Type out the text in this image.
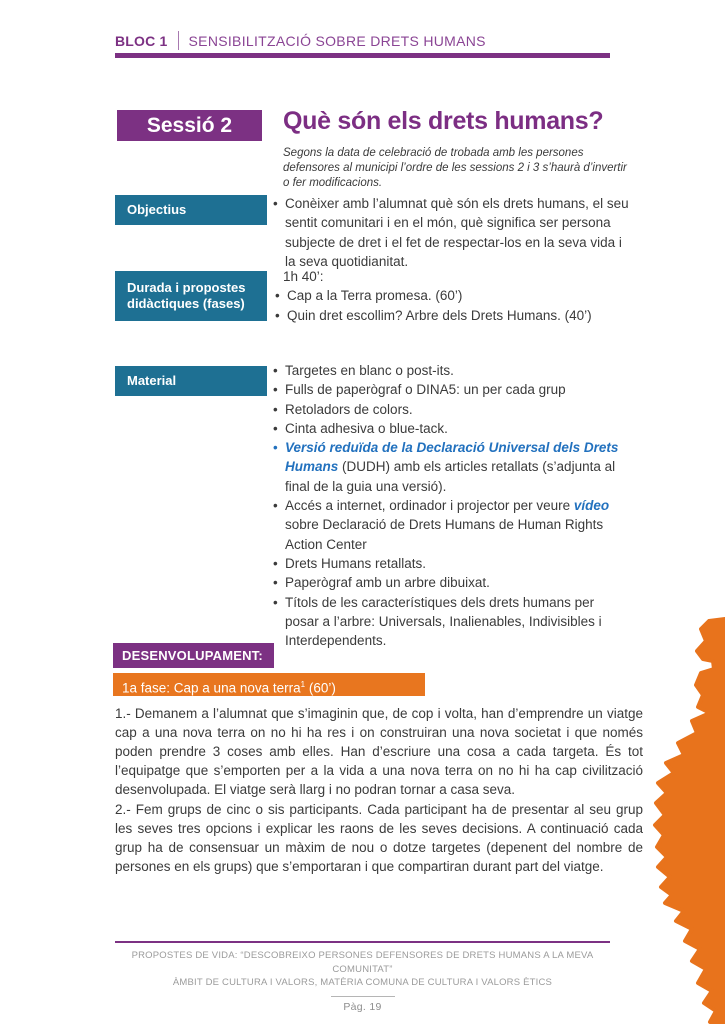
BLOC 1 SENSIBILITZACIÓ SOBRE DRETS HUMANS
Sessió 2 Què són els drets humans?
Segons la data de celebració de trobada amb les persones defensores al municipi l’ordre de les sessions 2 i 3 s’haurà d’invertir o fer modificacions.
Objectius	• Conèixer amb l’alumnat què són els drets humans, el seu sentit comunitari i en el món, què significa ser persona subjecte de dret i el fet de respectar-los en la seva vida i la seva quotidianitat.
Durada i propostes didàctiques (fases)
1h 40’:
• Cap a la Terra promesa. (60’)
• Quin dret escollim? Arbre dels Drets Humans. (40’)
Material
• Targetes en blanc o post-its.
• Fulls de paperògraf o DINA5: un per cada grup
• Retoladors de colors.
• Cinta adhesiva o blue-tack.
• Versió reduïda de la Declaració Universal dels Drets Humans (DUDH) amb els articles retallats (s’adjunta al final de la guia una versió).
• Accés a internet, ordinador i projector per veure vídeo sobre Declaració de Drets Humans de Human Rights Action Center
• Drets Humans retallats.
• Paperògraf amb un arbre dibuixat.
• Títols de les característiques dels drets humans per posar a l’arbre: Universals, Inalienables, Indivisibles i Interdependents.
DESENVOLUPAMENT:
1a fase: Cap a una nova terra$^1$ (60’)

1.- Demanem a l’alumnat que s’imaginin que, de cop i volta, han d’emprendre un viatge cap a una nova terra on no hi ha res i on construiran una nova societat i que només poden prendre 3 coses amb elles. Han d’escriure una cosa a cada targeta. És tot l’equipatge que s’emporten per a la vida a una nova terra on no hi ha cap civilització desenvolupada. El viatge serà llarg i no podran tornar a casa seva.

2.- Fem grups de cinc o sis participants. Cada participant ha de presentar al seu grup les seves tres opcions i explicar les raons de les seves decisions. A continuació cada grup ha de consensuar un màxim de nou o dotze targetes (depenent del nombre de persones en els grups) que s’emportaran i que compartiran durant part del viatge.

PROPOSTES DE VIDA: “DESCOBREIXO PERSONES DEFENSORES DE DRETS HUMANS A LA MEVA COMUNITAT”
ÀMBIT DE CULTURA I VALORS, MATÈRIA COMUNA DE CULTURA I VALORS ÈTICS
Pàg. 19
